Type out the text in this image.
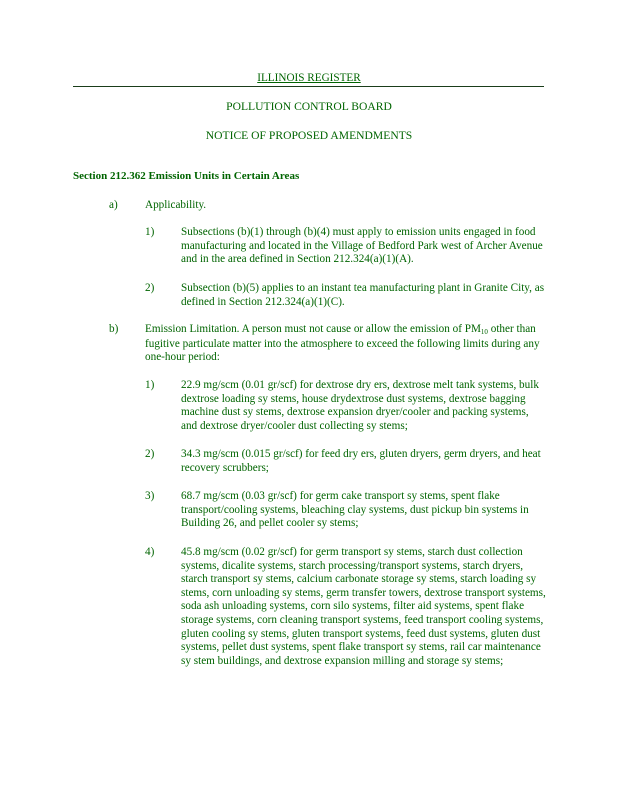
ILLINOIS REGISTER
POLLUTION CONTROL BOARD
NOTICE OF PROPOSED AMENDMENTS
Section 212.362 Emission Units in Certain Areas
a) Applicability.
1) Subsections (b)(1) through (b)(4) must apply to emission units engaged in food manufacturing and located in the Village of Bedford Park west of Archer Avenue and in the area defined in Section 212.324(a)(1)(A).
2) Subsection (b)(5) applies to an instant tea manufacturing plant in Granite City, as defined in Section 212.324(a)(1)(C).
b) Emission Limitation. A person must not cause or allow the emission of $PM_{10}$ other than fugitive particulate matter into the atmosphere to exceed the following limits during any one-hour period:
1) 22.9 mg/scm (0.01 gr/scf) for dextrose dry ers, dextrose melt tank systems, bulk dextrose loading sy stems, house drydextrose dust systems, dextrose bagging machine dust sy stems, dextrose expansion dryer/cooler and packing systems, and dextrose dryer/cooler dust collecting sy stems;
2) 34.3 mg/scm (0.015 gr/scf) for feed dry ers, gluten dryers, germ dryers, and heat recovery scrubbers;
3) 68.7 mg/scm (0.03 gr/scf) for germ cake transport sy stems, spent flake transport/cooling systems, bleaching clay systems, dust pickup bin systems in Building 26, and pellet cooler sy stems;
4) 45.8 mg/scm (0.02 gr/scf) for germ transport sy stems, starch dust collection systems, dicalite systems, starch processing/transport systems, starch dryers, starch transport sy stems, calcium carbonate storage sy stems, starch loading sy stems, corn unloading sy stems, germ transfer towers, dextrose transport systems, soda ash unloading systems, corn silo systems, filter aid systems, spent flake storage systems, corn cleaning transport systems, feed transport cooling systems, gluten cooling sy stems, gluten transport systems, feed dust systems, gluten dust systems, pellet dust systems, spent flake transport sy stems, rail car maintenance sy stem buildings, and dextrose expansion milling and storage sy stems;
